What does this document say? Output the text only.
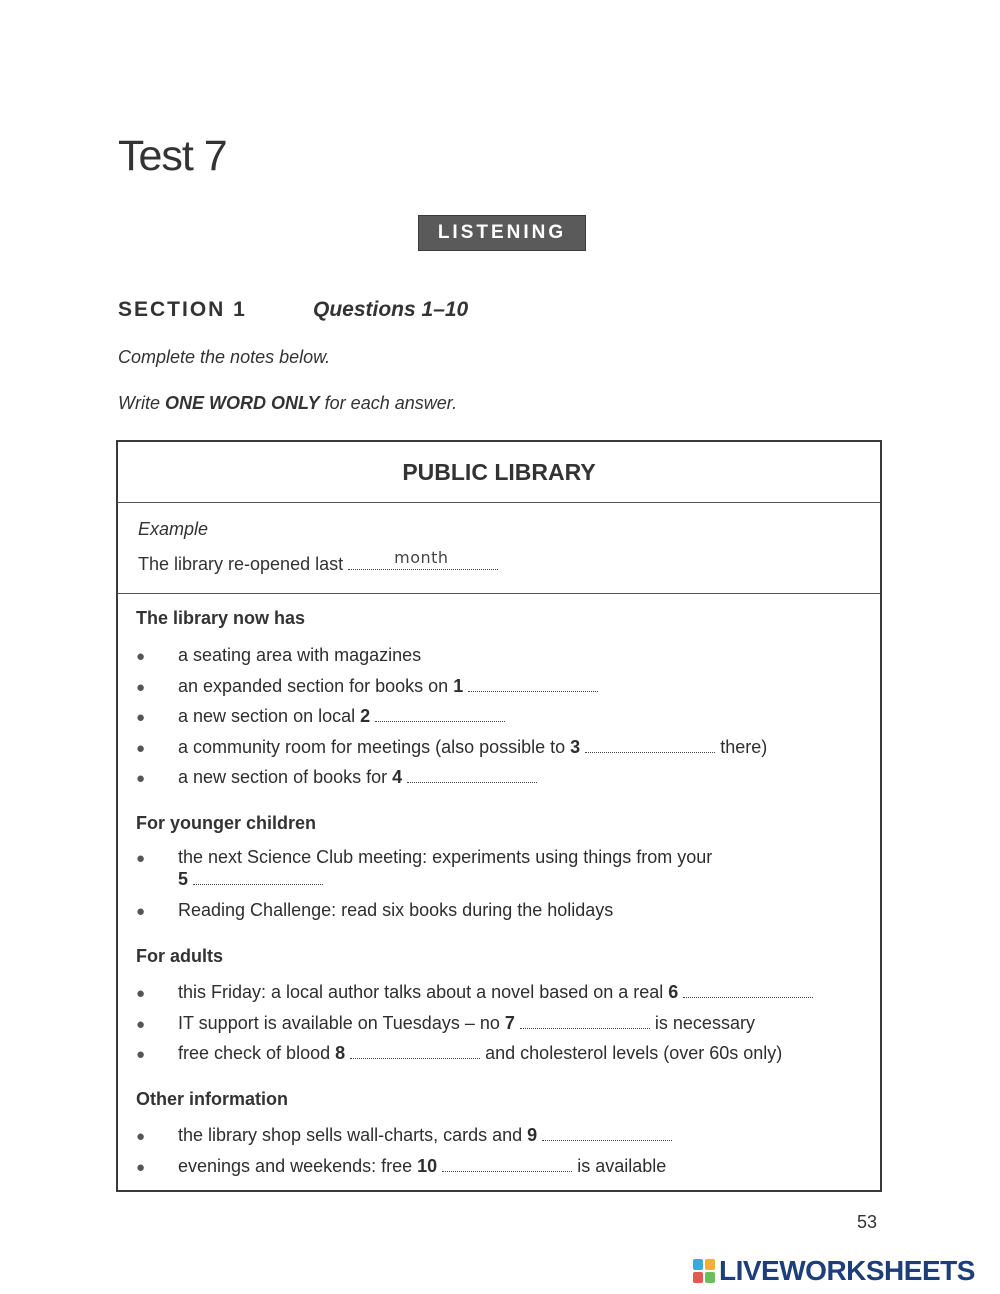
Test 7
LISTENING
SECTION 1	Questions 1–10
Complete the notes below.
Write ONE WORD ONLY for each answer.
PUBLIC LIBRARY
Example
The library re-opened last	month
The library now has
● a seating area with magazines
● an expanded section for books on 1
● a new section on local 2
● a community room for meetings (also possible to 3	there)
● a new section of books for 4
For younger children
● the next Science Club meeting: experiments using things from your
5
● Reading Challenge: read six books during the holidays
For adults
● this Friday: a local author talks about a novel based on a real 6
● IT support is available on Tuesdays – no 7	is necessary
● free check of blood 8	and cholesterol levels (over 60s only)
Other information
● the library shop sells wall-charts, cards and 9
● evenings and weekends: free 10	is available
53
LIVEWORKSHEETS
